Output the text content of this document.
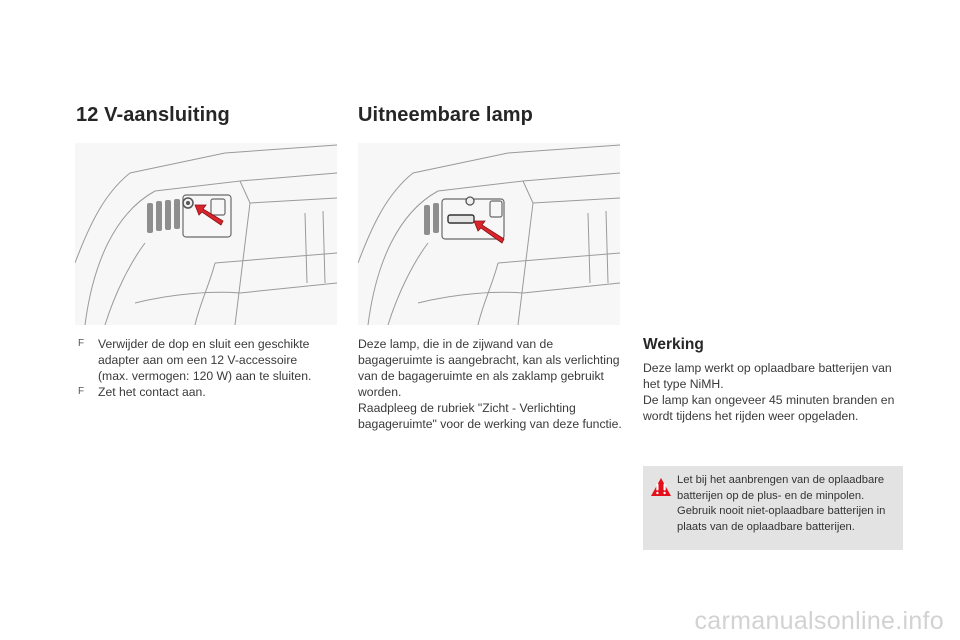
12 V-aansluiting	Uitneembare lamp
F Verwijder de dop en sluit een geschikte adapter aan om een 12 V-accessoire (max. vermogen: 120 W) aan te sluiten.
F Zet het contact aan.
Deze lamp, die in de zijwand van de bagageruimte is aangebracht, kan als verlichting van de bagageruimte en als zaklamp gebruikt worden.
Raadpleeg de rubriek "Zicht - Verlichting bagageruimte" voor de werking van deze functie.
Werking
Deze lamp werkt op oplaadbare batterijen van het type NiMH.
De lamp kan ongeveer 45 minuten branden en wordt tijdens het rijden weer opgeladen.
Let bij het aanbrengen van de oplaadbare batterijen op de plus- en de minpolen.
Gebruik nooit niet-oplaadbare batterijen in plaats van de oplaadbare batterijen.
carmanualsonline.info
